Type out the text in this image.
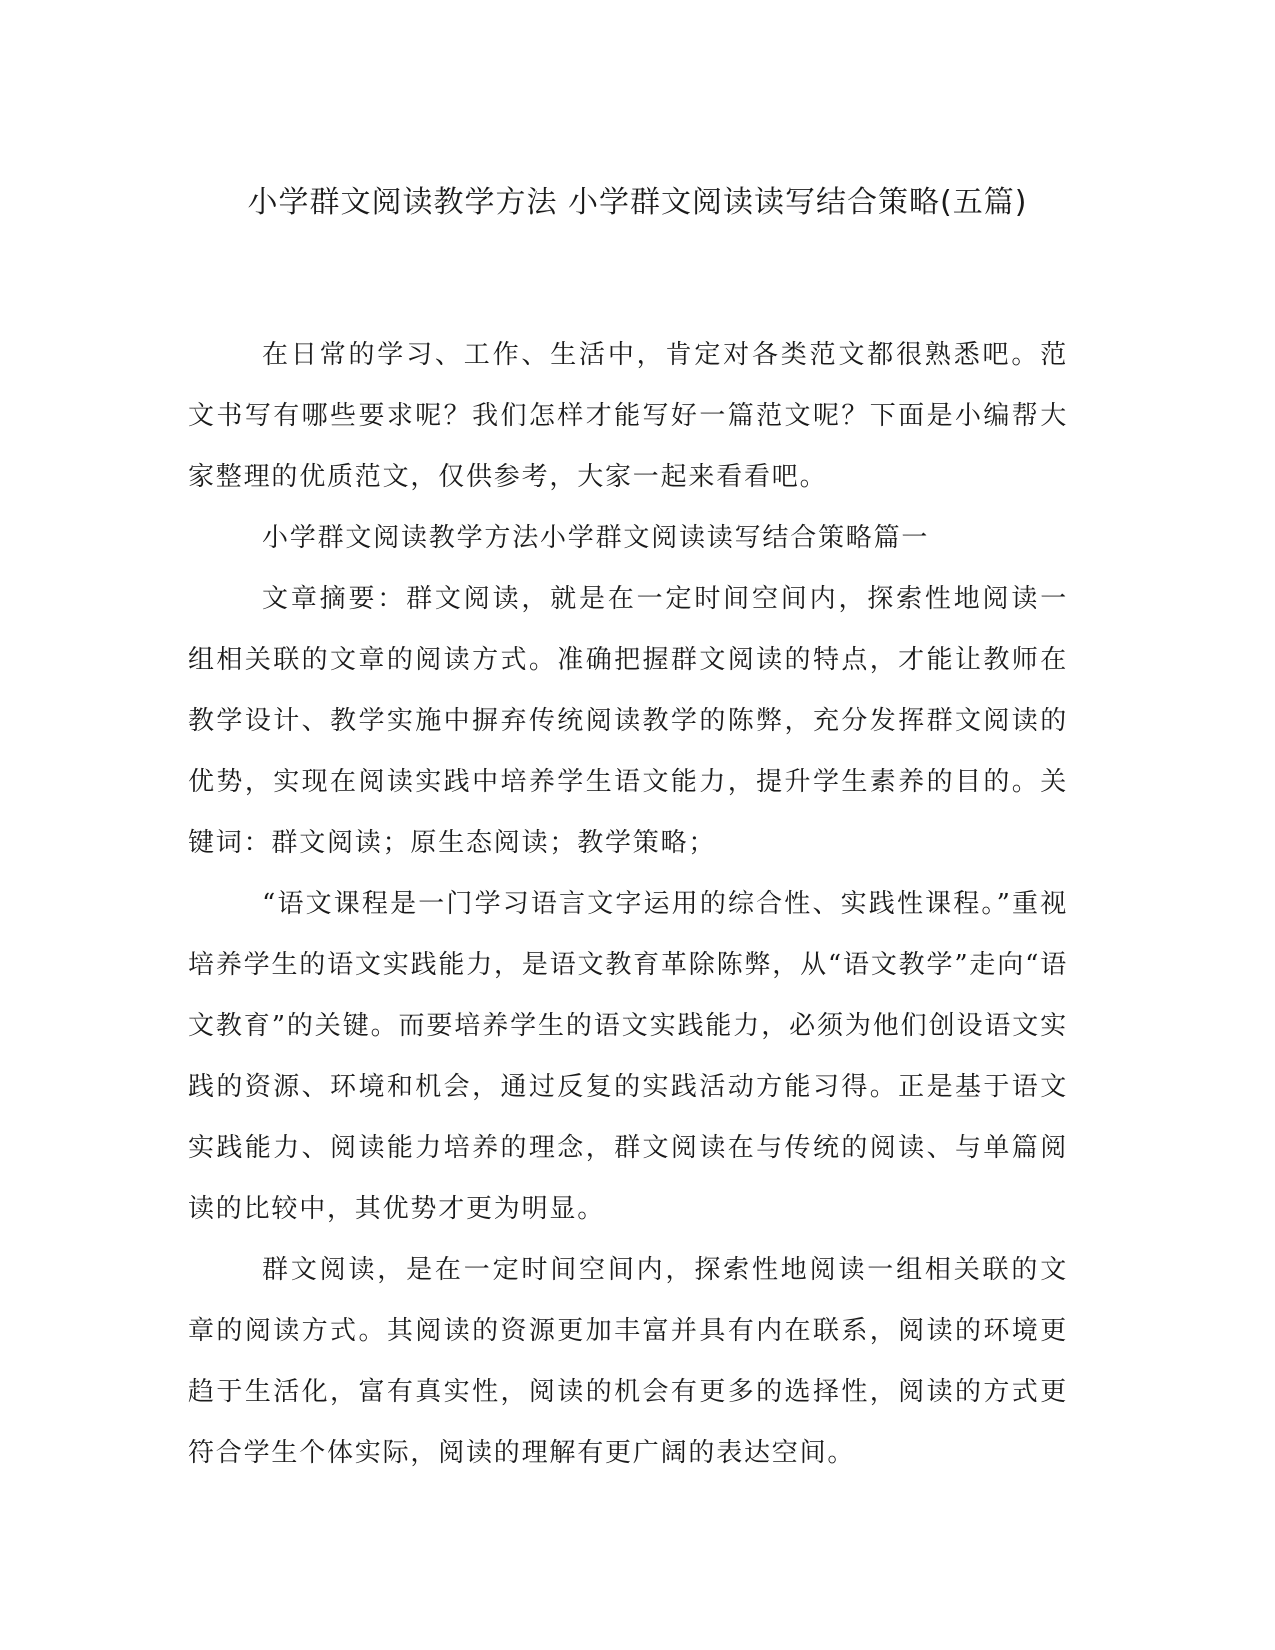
小学群文阅读教学方法 小学群文阅读读写结合策略(五篇)

在日常的学习、工作、生活中，肯定对各类范文都很熟悉吧。范文书写有哪些要求呢？我们怎样才能写好一篇范文呢？下面是小编帮大家整理的优质范文，仅供参考，大家一起来看看吧。

小学群文阅读教学方法小学群文阅读读写结合策略篇一

文章摘要：群文阅读，就是在一定时间空间内，探索性地阅读一组相关联的文章的阅读方式。准确把握群文阅读的特点，才能让教师在教学设计、教学实施中摒弃传统阅读教学的陈弊，充分发挥群文阅读的优势，实现在阅读实践中培养学生语文能力，提升学生素养的目的。关键词：群文阅读；原生态阅读；教学策略；

“语文课程是一门学习语言文字运用的综合性、实践性课程。”重视培养学生的语文实践能力，是语文教育革除陈弊，从“语文教学”走向“语文教育”的关键。而要培养学生的语文实践能力，必须为他们创设语文实践的资源、环境和机会，通过反复的实践活动方能习得。正是基于语文实践能力、阅读能力培养的理念，群文阅读在与传统的阅读、与单篇阅读的比较中，其优势才更为明显。

群文阅读，是在一定时间空间内，探索性地阅读一组相关联的文章的阅读方式。其阅读的资源更加丰富并具有内在联系，阅读的环境更趋于生活化，富有真实性，阅读的机会有更多的选择性，阅读的方式更符合学生个体实际，阅读的理解有更广阔的表达空间。
